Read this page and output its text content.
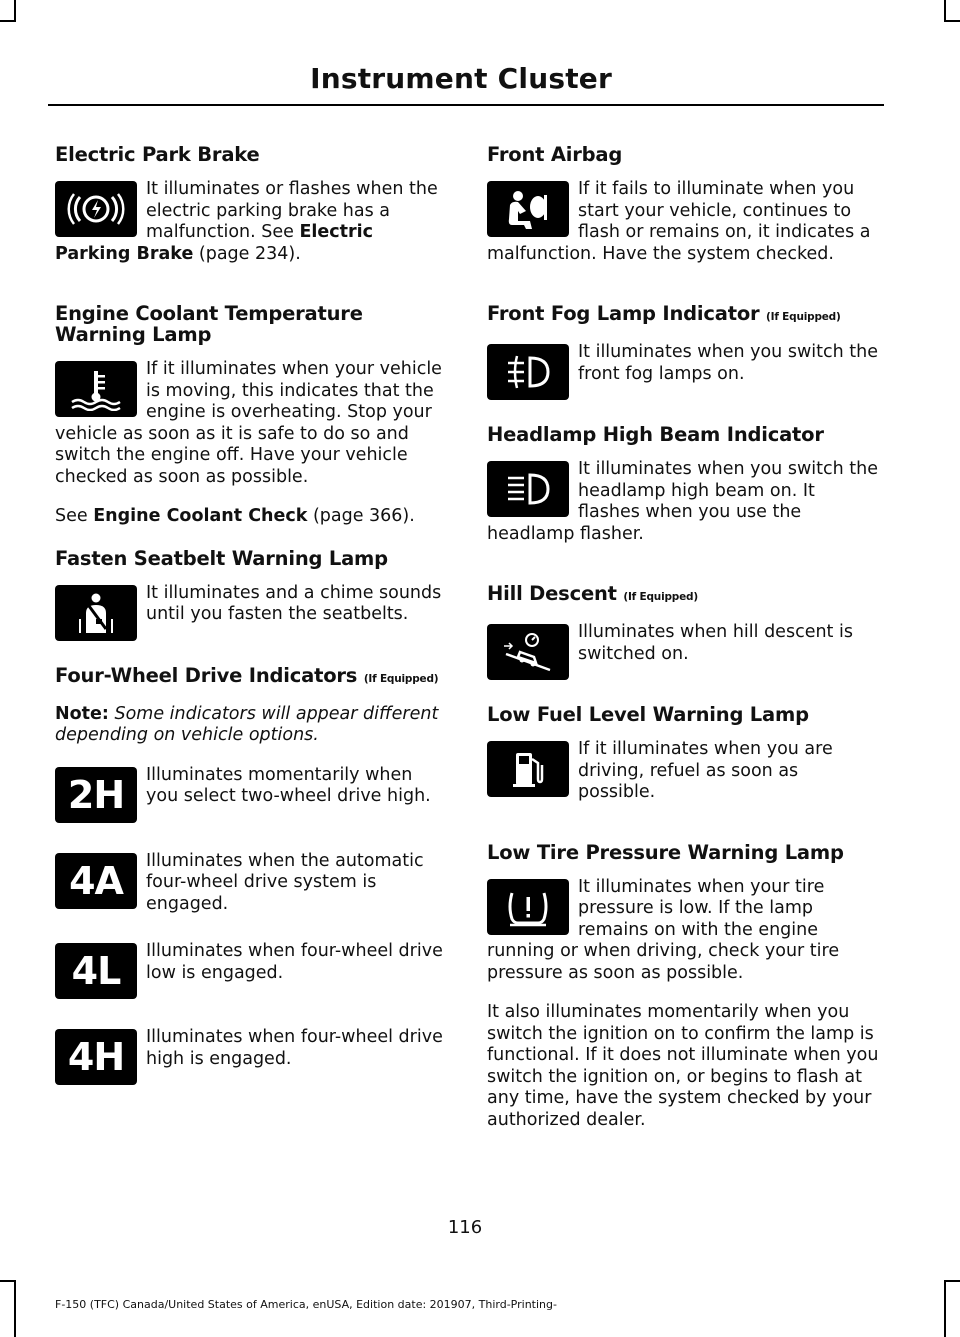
Instrument Cluster
Electric Park Brake

It illuminates or flashes when the electric parking brake has a malfunction. See Electric Parking Brake (page 234).

Engine Coolant Temperature Warning Lamp

If it illuminates when your vehicle is moving, this indicates that the engine is overheating. Stop your vehicle as soon as it is safe to do so and switch the engine off. Have your vehicle checked as soon as possible.

See Engine Coolant Check (page 366).

Fasten Seatbelt Warning Lamp

It illuminates and a chime sounds until you fasten the seatbelts.

Four-Wheel Drive Indicators (If Equipped)

Note: Some indicators will appear different depending on vehicle options.

2H	Illuminates momentarily when you select two-wheel drive high.

4A	Illuminates when the automatic four-wheel drive system is engaged.

4L	Illuminates when four-wheel drive low is engaged.

4H	Illuminates when four-wheel drive high is engaged.

Front Airbag

If it fails to illuminate when you start your vehicle, continues to flash or remains on, it indicates a malfunction. Have the system checked.

Front Fog Lamp Indicator (If Equipped)

It illuminates when you switch the front fog lamps on.

Headlamp High Beam Indicator

It illuminates when you switch the headlamp high beam on. It flashes when you use the headlamp flasher.

Hill Descent (If Equipped)

Illuminates when hill descent is switched on.

Low Fuel Level Warning Lamp

If it illuminates when you are driving, refuel as soon as possible.

Low Tire Pressure Warning Lamp

It illuminates when your tire pressure is low. If the lamp remains on with the engine running or when driving, check your tire pressure as soon as possible.

It also illuminates momentarily when you switch the ignition on to confirm the lamp is functional. If it does not illuminate when you switch the ignition on, or begins to flash at any time, have the system checked by your authorized dealer.

116
F-150 (TFC) Canada/United States of America, enUSA, Edition date: 201907, Third-Printing-
